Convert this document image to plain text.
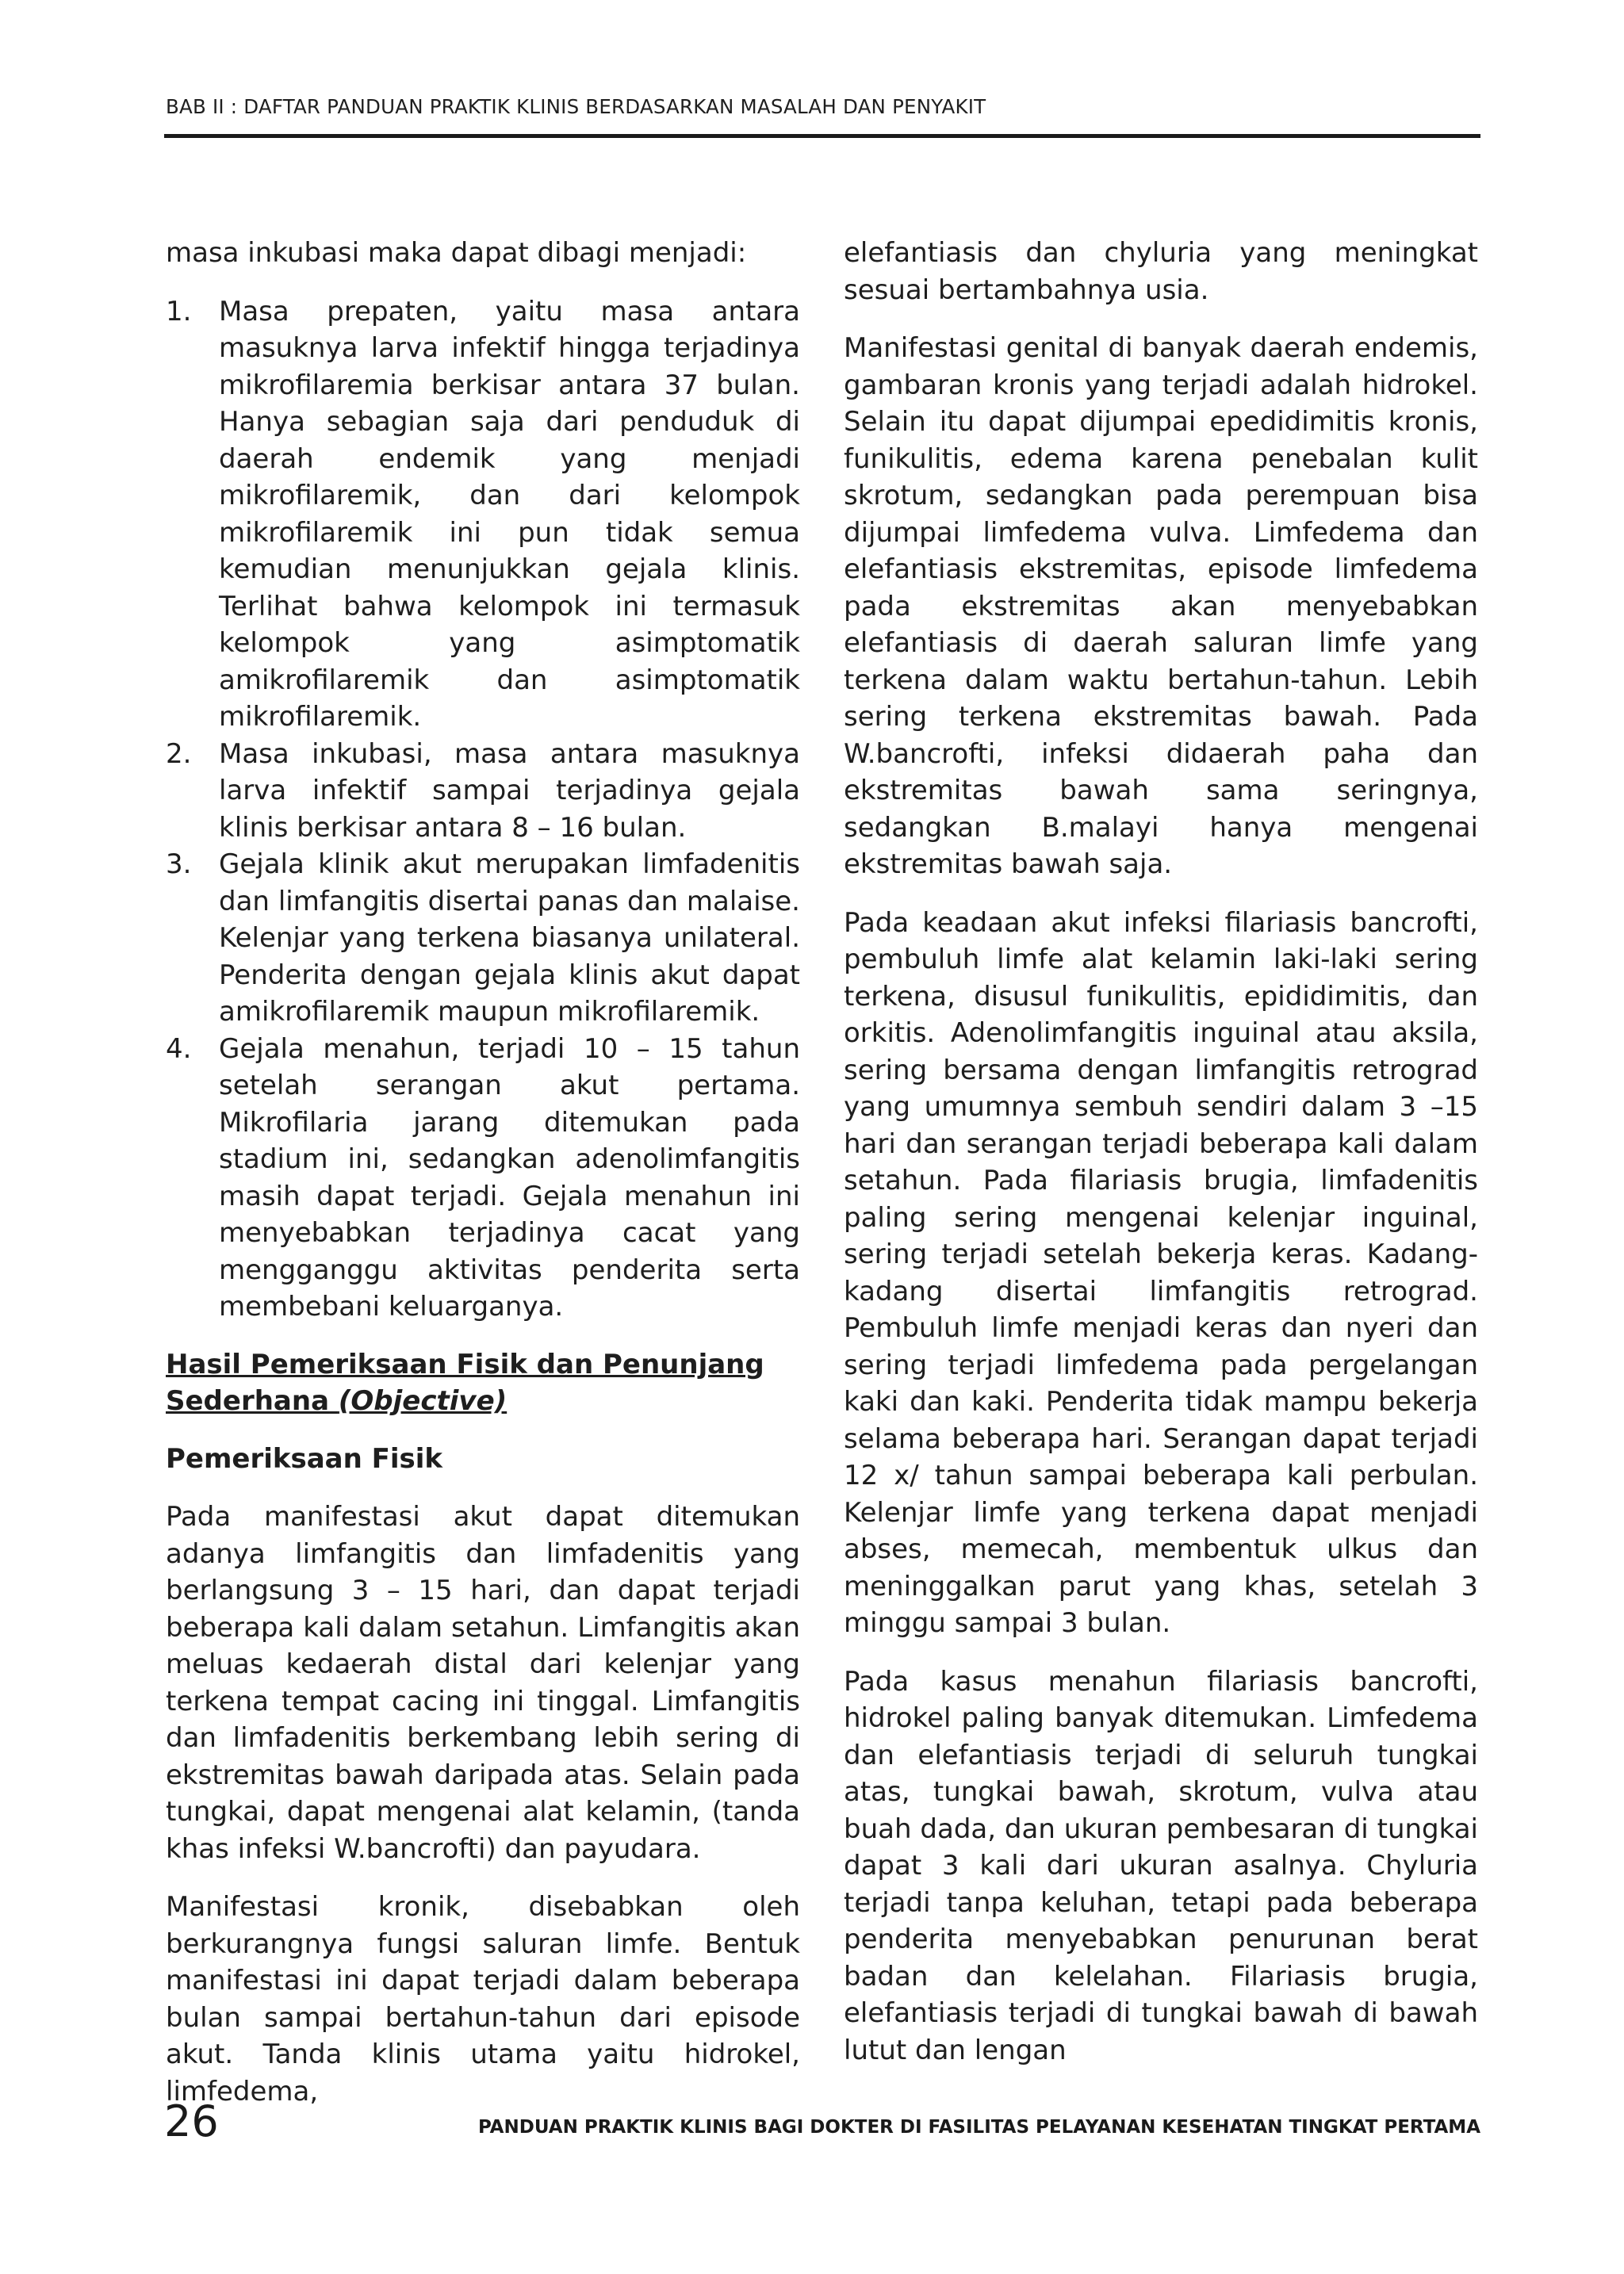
BAB II : DAFTAR PANDUAN PRAKTIK KLINIS BERDASARKAN MASALAH DAN PENYAKIT

masa inkubasi maka dapat dibagi menjadi:

1. Masa prepaten, yaitu masa antara masuknya larva infektif hingga terjadinya mikrofilaremia berkisar antara 37 bulan. Hanya sebagian saja dari penduduk di daerah endemik yang menjadi mikrofilaremik, dan dari kelompok mikrofilaremik ini pun tidak semua kemudian menunjukkan gejala klinis. Terlihat bahwa kelompok ini termasuk kelompok yang asimptomatik amikrofilaremik dan asimptomatik mikrofilaremik.
2. Masa inkubasi, masa antara masuknya larva infektif sampai terjadinya gejala klinis berkisar antara 8 – 16 bulan.
3. Gejala klinik akut merupakan limfadenitis dan limfangitis disertai panas dan malaise. Kelenjar yang terkena biasanya unilateral. Penderita dengan gejala klinis akut dapat amikrofilaremik maupun mikrofilaremik.
4. Gejala menahun, terjadi 10 – 15 tahun setelah serangan akut pertama. Mikrofilaria jarang ditemukan pada stadium ini, sedangkan adenolimfangitis masih dapat terjadi. Gejala menahun ini menyebabkan terjadinya cacat yang mengganggu aktivitas penderita serta membebani keluarganya.
Hasil Pemeriksaan Fisik dan Penunjang
Sederhana (Objective)
Pemeriksaan Fisik

Pada manifestasi akut dapat ditemukan adanya limfangitis dan limfadenitis yang berlangsung 3 – 15 hari, dan dapat terjadi beberapa kali dalam setahun. Limfangitis akan meluas kedaerah distal dari kelenjar yang terkena tempat cacing ini tinggal. Limfangitis dan limfadenitis berkembang lebih sering di ekstremitas bawah daripada atas. Selain pada tungkai, dapat mengenai alat kelamin, (tanda khas infeksi W.bancrofti) dan payudara.

Manifestasi kronik, disebabkan oleh berkurangnya fungsi saluran limfe. Bentuk manifestasi ini dapat terjadi dalam beberapa bulan sampai bertahun-tahun dari episode akut. Tanda klinis utama yaitu hidrokel, limfedema,

elefantiasis dan chyluria yang meningkat sesuai bertambahnya usia.

Manifestasi genital di banyak daerah endemis, gambaran kronis yang terjadi adalah hidrokel. Selain itu dapat dijumpai epedidimitis kronis, funikulitis, edema karena penebalan kulit skrotum, sedangkan pada perempuan bisa dijumpai limfedema vulva. Limfedema dan elefantiasis ekstremitas, episode limfedema pada ekstremitas akan menyebabkan elefantiasis di daerah saluran limfe yang terkena dalam waktu bertahun-tahun. Lebih sering terkena ekstremitas bawah. Pada W.bancrofti, infeksi didaerah paha dan ekstremitas bawah sama seringnya, sedangkan B.malayi hanya mengenai ekstremitas bawah saja.

Pada keadaan akut infeksi filariasis bancrofti, pembuluh limfe alat kelamin laki-laki sering terkena, disusul funikulitis, epididimitis, dan orkitis. Adenolimfangitis inguinal atau aksila, sering bersama dengan limfangitis retrograd yang umumnya sembuh sendiri dalam 3 –15 hari dan serangan terjadi beberapa kali dalam setahun. Pada filariasis brugia, limfadenitis paling sering mengenai kelenjar inguinal, sering terjadi setelah bekerja keras. Kadang-kadang disertai limfangitis retrograd. Pembuluh limfe menjadi keras dan nyeri dan sering terjadi limfedema pada pergelangan kaki dan kaki. Penderita tidak mampu bekerja selama beberapa hari. Serangan dapat terjadi 12 x/ tahun sampai beberapa kali perbulan. Kelenjar limfe yang terkena dapat menjadi abses, memecah, membentuk ulkus dan meninggalkan parut yang khas, setelah 3 minggu sampai 3 bulan.

Pada kasus menahun filariasis bancrofti, hidrokel paling banyak ditemukan. Limfedema dan elefantiasis terjadi di seluruh tungkai atas, tungkai bawah, skrotum, vulva atau buah dada, dan ukuran pembesaran di tungkai dapat 3 kali dari ukuran asalnya. Chyluria terjadi tanpa keluhan, tetapi pada beberapa penderita menyebabkan penurunan berat badan dan kelelahan. Filariasis brugia, elefantiasis terjadi di tungkai bawah di bawah lutut dan lengan

26	PANDUAN PRAKTIK KLINIS BAGI DOKTER DI FASILITAS PELAYANAN KESEHATAN TINGKAT PERTAMA
